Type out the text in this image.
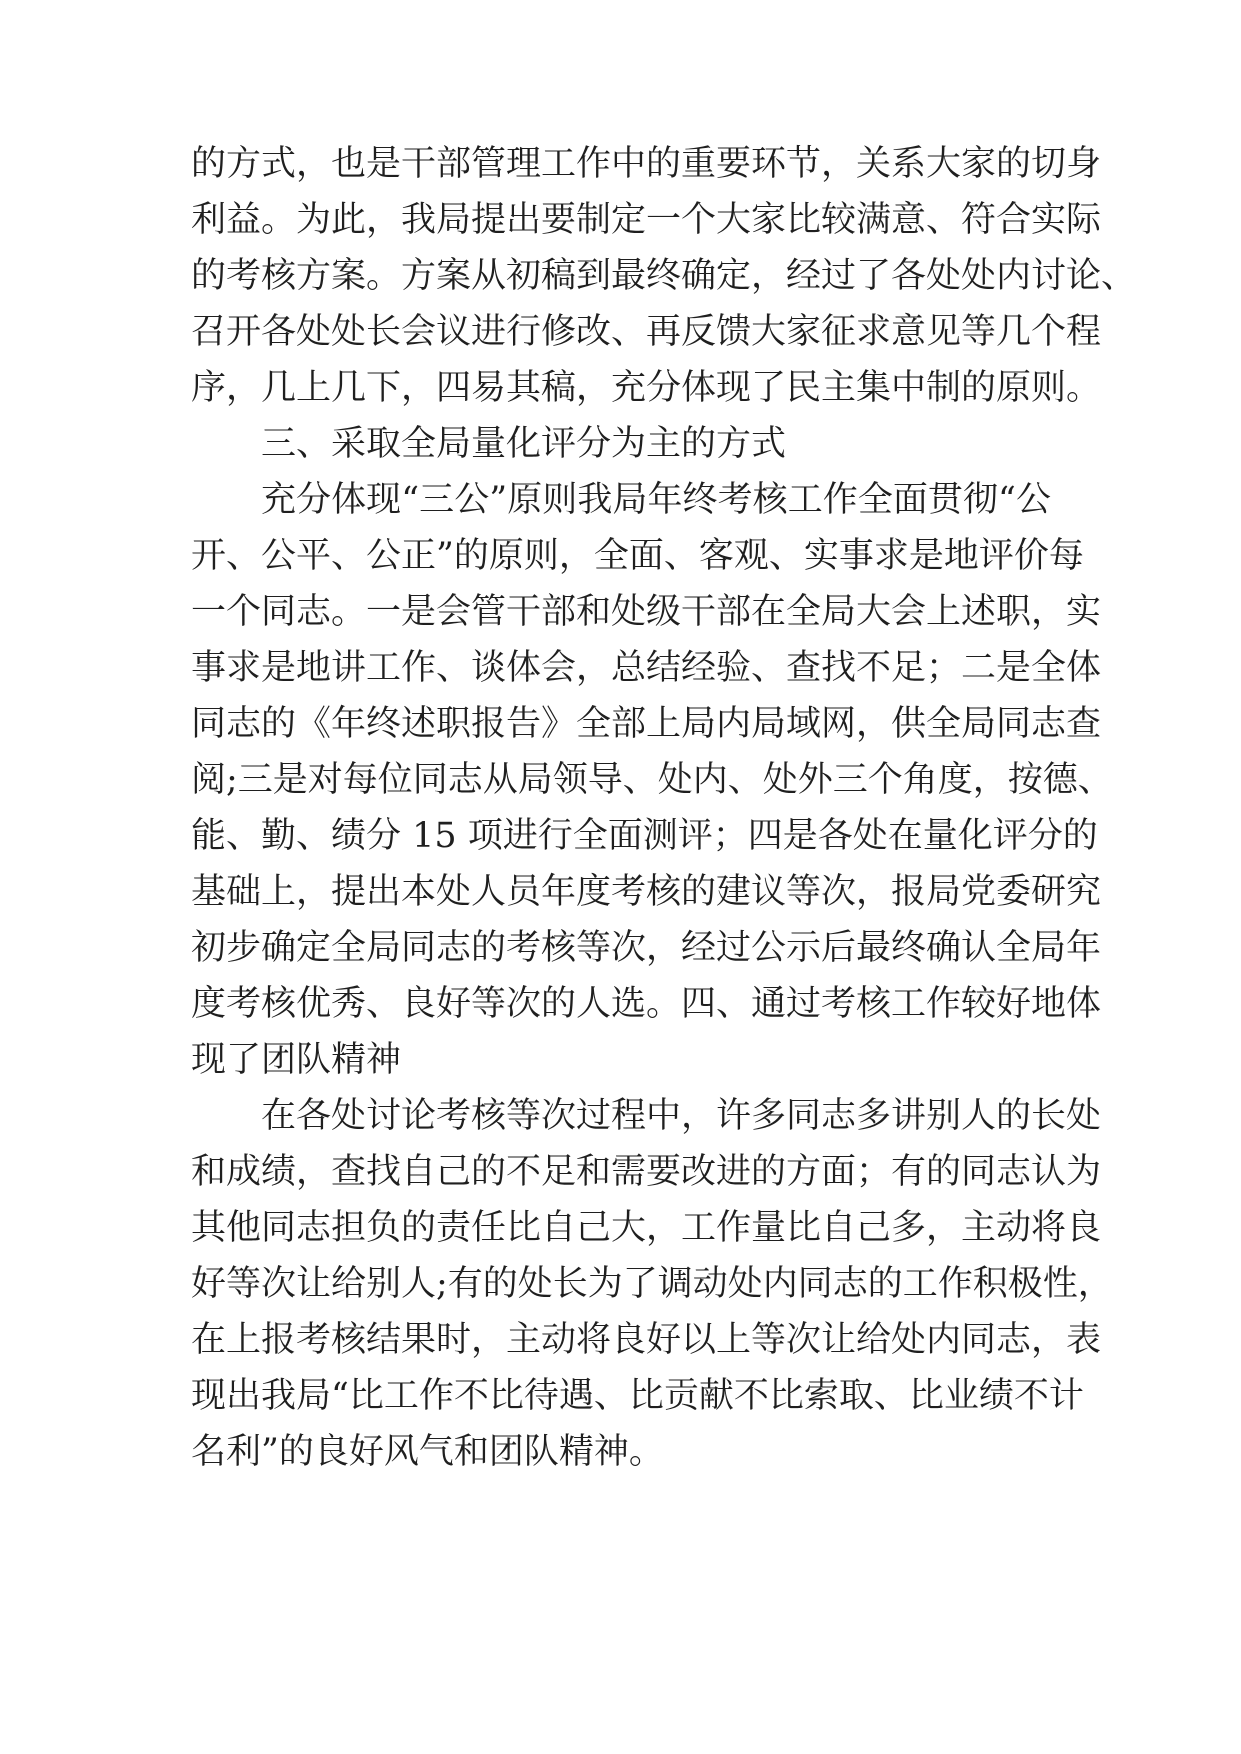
的方式，也是干部管理工作中的重要环节，关系大家的切身
利益。为此，我局提出要制定一个大家比较满意、符合实际
的考核方案。方案从初稿到最终确定，经过了各处处内讨论、
召开各处处长会议进行修改、再反馈大家征求意见等几个程
序，几上几下，四易其稿，充分体现了民主集中制的原则。
三、采取全局量化评分为主的方式
充分体现“三公”原则我局年终考核工作全面贯彻“公
开、公平、公正”的原则，全面、客观、实事求是地评价每
一个同志。一是会管干部和处级干部在全局大会上述职，实
事求是地讲工作、谈体会，总结经验、查找不足；二是全体
同志的《年终述职报告》全部上局内局域网，供全局同志查
阅;三是对每位同志从局领导、处内、处外三个角度，按德、
能、勤、绩分 15 项进行全面测评；四是各处在量化评分的
基础上，提出本处人员年度考核的建议等次，报局党委研究
初步确定全局同志的考核等次，经过公示后最终确认全局年
度考核优秀、良好等次的人选。四、通过考核工作较好地体
现了团队精神
在各处讨论考核等次过程中，许多同志多讲别人的长处
和成绩，查找自己的不足和需要改进的方面；有的同志认为
其他同志担负的责任比自己大，工作量比自己多，主动将良
好等次让给别人;有的处长为了调动处内同志的工作积极性，
在上报考核结果时，主动将良好以上等次让给处内同志，表
现出我局“比工作不比待遇、比贡献不比索取、比业绩不计
名利”的良好风气和团队精神。
